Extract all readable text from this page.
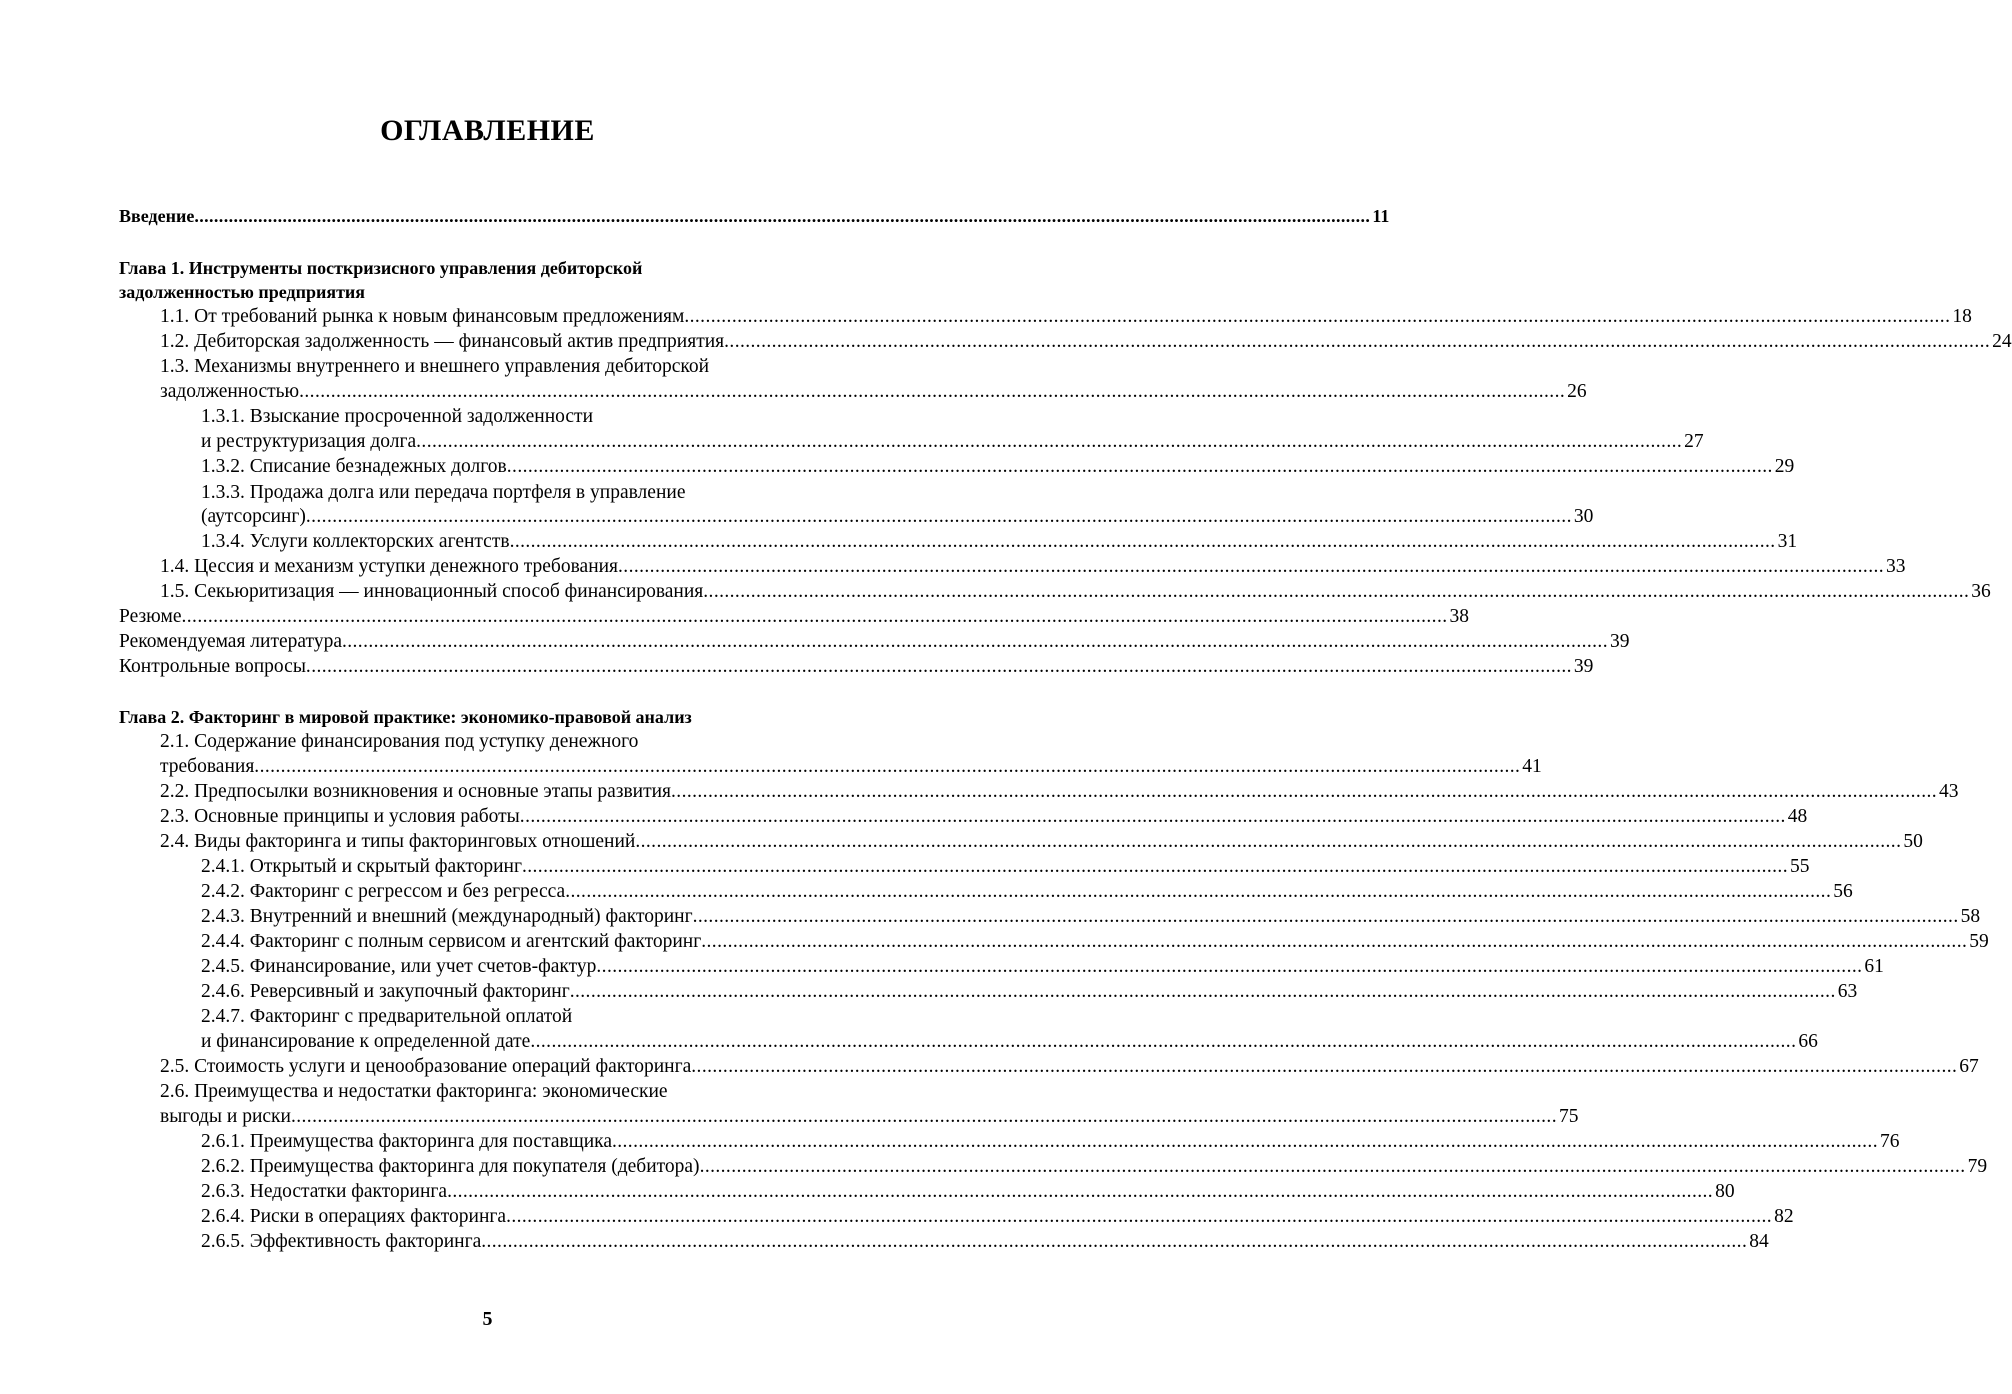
ОГЛАВЛЕНИЕ
Введение .....	11
Глава 1. Инструменты посткризисного управления дебиторской
задолженностью предприятия
1.1. От требований рынка к новым финансовым предложениям .....	18
1.2. Дебиторская задолженность — финансовый актив предприятия .....	24
1.3. Механизмы внутреннего и внешнего управления дебиторской
задолженностью .....	26
1.3.1. Взыскание просроченной задолженности
и реструктуризация долга .....	27
1.3.2. Списание безнадежных долгов .....	29
1.3.3. Продажа долга или передача портфеля в управление
(аутсорсинг) .....	30
1.3.4. Услуги коллекторских агентств .....	31
1.4. Цессия и механизм уступки денежного требования .....	33
1.5. Секьюритизация — инновационный способ финансирования .....	36
Резюме .....	38
Рекомендуемая литература .....	39
Контрольные вопросы .....	39
Глава 2. Факторинг в мировой практике: экономико-правовой анализ
2.1. Содержание финансирования под уступку денежного
требования .....	41
2.2. Предпосылки возникновения и основные этапы развития .....	43
2.3. Основные принципы и условия работы .....	48
2.4. Виды факторинга и типы факторинговых отношений .....	50
2.4.1. Открытый и скрытый факторинг .....	55
2.4.2. Факторинг с регрессом и без регресса .....	56
2.4.3. Внутренний и внешний (международный) факторинг .....	58
2.4.4. Факторинг с полным сервисом и агентский факторинг .....	59
2.4.5. Финансирование, или учет счетов-фактур .....	61
2.4.6. Реверсивный и закупочный факторинг .....	63
2.4.7. Факторинг с предварительной оплатой
и финансирование к определенной дате .....	66
2.5. Стоимость услуги и ценообразование операций факторинга .....	67
2.6. Преимущества и недостатки факторинга: экономические
выгоды и риски .....	75
2.6.1. Преимущества факторинга для поставщика .....	76
2.6.2. Преимущества факторинга для покупателя (дебитора) .....	79
2.6.3. Недостатки факторинга .....	80
2.6.4. Риски в операциях факторинга .....	82
2.6.5. Эффективность факторинга .....	84
5
